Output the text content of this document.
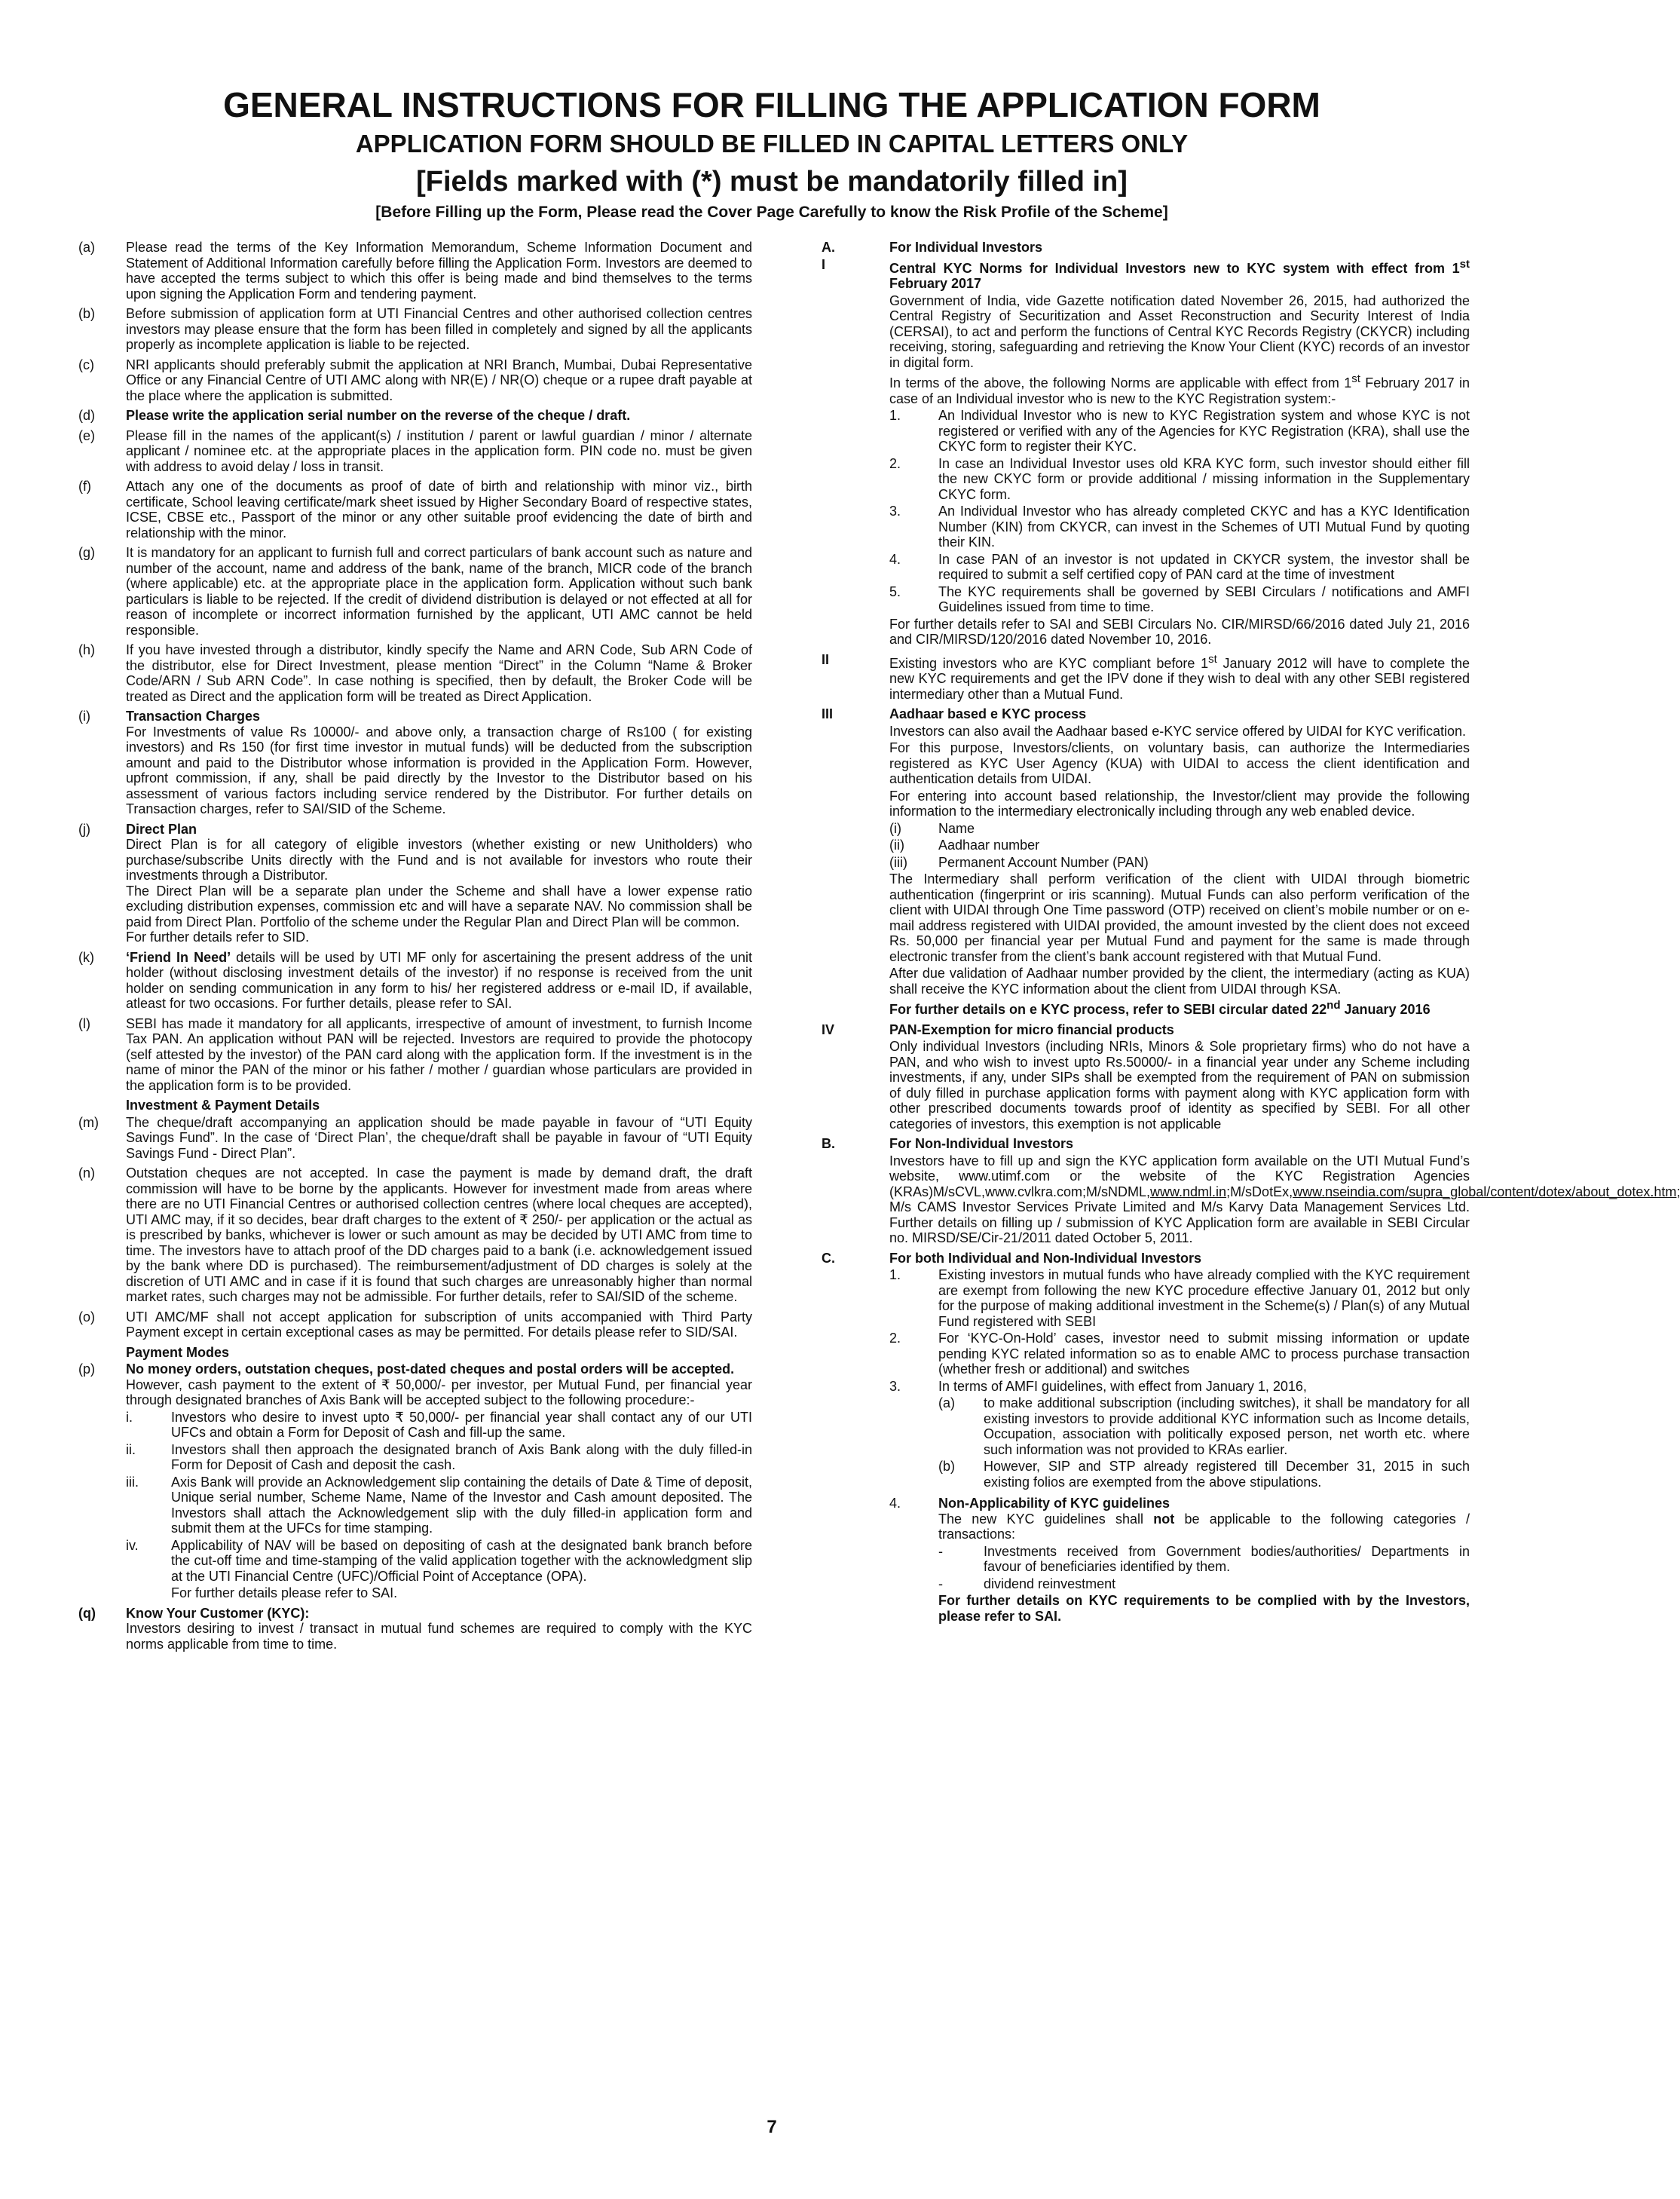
GENERAL INSTRUCTIONS FOR FILLING THE APPLICATION FORM
APPLICATION FORM SHOULD BE FILLED IN CAPITAL LETTERS ONLY
[Fields marked with (*) must be mandatorily filled in]
[Before Filling up the Form, Please read the Cover Page Carefully to know the Risk Profile of the Scheme]
(a) Please read the terms of the Key Information Memorandum, Scheme Information Document and Statement of Additional Information carefully before filling the Application Form. Investors are deemed to have accepted the terms subject to which this offer is being made and bind themselves to the terms upon signing the Application Form and tendering payment.
(b) Before submission of application form at UTI Financial Centres and other authorised collection centres investors may please ensure that the form has been filled in completely and signed by all the applicants properly as incomplete application is liable to be rejected.
(c) NRI applicants should preferably submit the application at NRI Branch, Mumbai, Dubai Representative Office or any Financial Centre of UTI AMC along with NR(E) / NR(O) cheque or a rupee draft payable at the place where the application is submitted.
(d) Please write the application serial number on the reverse of the cheque / draft.
(e) Please fill in the names of the applicant(s) / institution / parent or lawful guardian / minor / alternate applicant / nominee etc. at the appropriate places in the application form. PIN code no. must be given with address to avoid delay / loss in transit.
(f)	Attach any one of the documents as proof of date of birth and relationship with minor viz., birth certificate, School leaving certificate/mark sheet issued by Higher Secondary Board of respective states, ICSE, CBSE etc., Passport of the minor or any other suitable proof evidencing the date of birth and relationship with the minor.
(g) It is mandatory for an applicant to furnish full and correct particulars of bank account such as nature and number of the account, name and address of the bank, name of the branch, MICR code of the branch (where applicable) etc. at the appropriate place in the application form. Application without such bank particulars is liable to be rejected. If the credit of dividend distribution is delayed or not effected at all for reason of incomplete or incorrect information furnished by the applicant, UTI AMC cannot be held responsible.
(h) If you have invested through a distributor, kindly specify the Name and ARN Code, Sub ARN Code of the distributor, else for Direct Investment, please mention “Direct” in the Column “Name & Broker Code/ARN / Sub ARN Code”. In case nothing is specified, then by default, the Broker Code will be treated as Direct and the application form will be treated as Direct Application.
(i)	Transaction Charges
For Investments of value Rs 10000/- and above only, a transaction charge of Rs100 ( for existing investors) and Rs 150 (for first time investor in mutual funds) will be deducted from the subscription amount and paid to the Distributor whose information is provided in the Application Form. However, upfront commission, if any, shall be paid directly by the Investor to the Distributor based on his assessment of various factors including service rendered by the Distributor. For further details on Transaction charges, refer to SAI/SID of the Scheme.
(j)	Direct Plan
Direct Plan is for all category of eligible investors (whether existing or new Unitholders) who purchase/subscribe Units directly with the Fund and is not available for investors who route their investments through a Distributor.
The Direct Plan will be a separate plan under the Scheme and shall have a lower expense ratio excluding distribution expenses, commission etc and will have a separate NAV. No commission shall be paid from Direct Plan. Portfolio of the scheme under the Regular Plan and Direct Plan will be common.
For further details refer to SID.
(k) ‘Friend In Need’ details will be used by UTI MF only for ascertaining the present address of the unit holder (without disclosing investment details of the investor) if no response is received from the unit holder on sending communication in any form to his/ her registered address or e-mail ID, if available, atleast for two occasions. For further details, please refer to SAI.
(l)	SEBI has made it mandatory for all applicants, irrespective of amount of investment, to furnish Income Tax PAN. An application without PAN will be rejected. Investors are required to provide the photocopy (self attested by the investor) of the PAN card along with the application form. If the investment is in the name of minor the PAN of the minor or his father / mother / guardian whose particulars are provided in the application form is to be provided.
Investment & Payment Details
(m) The cheque/draft accompanying an application should be made payable in favour of “UTI Equity Savings Fund”. In the case of ‘Direct Plan’, the cheque/draft shall be payable in favour of “UTI Equity Savings Fund - Direct Plan”.
(n) Outstation cheques are not accepted. In case the payment is made by demand draft, the draft commission will have to be borne by the applicants. However for investment made from areas where there are no UTI Financial Centres or authorised collection centres (where local cheques are accepted), UTI AMC may, if it so decides, bear draft charges to the extent of ₹ 250/- per application or the actual as is prescribed by banks, whichever is lower or such amount as may be decided by UTI AMC from time to time. The investors have to attach proof of the DD charges paid to a bank (i.e. acknowledgement issued by the bank where DD is purchased). The reimbursement/adjustment of DD charges is solely at the discretion of UTI AMC and in case if it is found that such charges are unreasonably higher than normal market rates, such charges may not be admissible. For further details, refer to SAI/SID of the scheme.
(o) UTI AMC/MF shall not accept application for subscription of units accompanied with Third Party Payment except in certain exceptional cases as may be permitted. For details please refer to SID/SAI.
Payment Modes
(p) No money orders, outstation cheques, post-dated cheques and postal orders will be accepted.
However, cash payment to the extent of ₹ 50,000/- per investor, per Mutual Fund, per financial year through designated branches of Axis Bank will be accepted subject to the following procedure:-
i.	Investors who desire to invest upto ₹ 50,000/- per financial year shall contact any of our UTI UFCs and obtain a Form for Deposit of Cash and fill-up the same.
ii.	Investors shall then approach the designated branch of Axis Bank along with the duly filled-in Form for Deposit of Cash and deposit the cash.
iii. Axis Bank will provide an Acknowledgement slip containing the details of Date & Time of deposit, Unique serial number, Scheme Name, Name of the Investor and Cash amount deposited. The Investors shall attach the Acknowledgement slip with the duly filled-in application form and submit them at the UFCs for time stamping.
iv. Applicability of NAV will be based on depositing of cash at the designated bank branch before the cut-off time and time-stamping of the valid application together with the acknowledgment slip at the UTI Financial Centre (UFC)/Official Point of Acceptance (OPA).
For further details please refer to SAI.
(q) Know Your Customer (KYC):
Investors desiring to invest / transact in mutual fund schemes are required to comply with the KYC norms applicable from time to time.
A.	For Individual Investors
I	Central KYC Norms for Individual Investors new to KYC system with effect from 1st February 2017
Government of India, vide Gazette notification dated November 26, 2015, had authorized the Central Registry of Securitization and Asset Reconstruction and Security Interest of India (CERSAI), to act and perform the functions of Central KYC Records Registry (CKYCR) including receiving, storing, safeguarding and retrieving the Know Your Client (KYC) records of an investor in digital form.
In terms of the above, the following Norms are applicable with effect from 1st February 2017 in case of an Individual investor who is new to the KYC Registration system:-
1.	An Individual Investor who is new to KYC Registration system and whose KYC is not registered or verified with any of the Agencies for KYC Registration (KRA), shall use the CKYC form to register their KYC.
2.	In case an Individual Investor uses old KRA KYC form, such investor should either fill the new CKYC form or provide additional / missing information in the Supplementary CKYC form.
3.	An Individual Investor who has already completed CKYC and has a KYC Identification Number (KIN) from CKYCR, can invest in the Schemes of UTI Mutual Fund by quoting their KIN.
4.	In case PAN of an investor is not updated in CKYCR system, the investor shall be required to submit a self certified copy of PAN card at the time of investment
5.	The KYC requirements shall be governed by SEBI Circulars / notifications and AMFI Guidelines issued from time to time.
For further details refer to SAI and SEBI Circulars No. CIR/MIRSD/66/2016 dated July 21, 2016 and CIR/MIRSD/120/2016 dated November 10, 2016.
II	Existing investors who are KYC compliant before 1st January 2012 will have to complete the new KYC requirements and get the IPV done if they wish to deal with any other SEBI registered intermediary other than a Mutual Fund.
III	Aadhaar based e KYC process
Investors can also avail the Aadhaar based e-KYC service offered by UIDAI for KYC verification.
For this purpose, Investors/clients, on voluntary basis, can authorize the Intermediaries registered as KYC User Agency (KUA) with UIDAI to access the client identification and authentication details from UIDAI.
For entering into account based relationship, the Investor/client may provide the following information to the intermediary electronically including through any web enabled device.
(i)	Name
(ii)	Aadhaar number
(iii) Permanent Account Number (PAN)
The Intermediary shall perform verification of the client with UIDAI through biometric authentication (fingerprint or iris scanning). Mutual Funds can also perform verification of the client with UIDAI through One Time password (OTP) received on client’s mobile number or on e-mail address registered with UIDAI provided, the amount invested by the client does not exceed Rs. 50,000 per financial year per Mutual Fund and payment for the same is made through electronic transfer from the client’s bank account registered with that Mutual Fund.
After due validation of Aadhaar number provided by the client, the intermediary (acting as KUA) shall receive the KYC information about the client from UIDAI through KSA.
For further details on e KYC process, refer to SEBI circular dated 22nd January 2016
IV	PAN-Exemption for micro financial products
Only individual Investors (including NRIs, Minors & Sole proprietary firms) who do not have a PAN, and who wish to invest upto Rs.50000/- in a financial year under any Scheme including investments, if any, under SIPs shall be exempted from the requirement of PAN on submission of duly filled in purchase application forms with payment along with KYC application form with other prescribed documents towards proof of identity as specified by SEBI. For all other categories of investors, this exemption is not applicable
B.	For Non-Individual Investors
Investors have to fill up and sign the KYC application form available on the UTI Mutual Fund’s website, www.utimf.com or the website of the KYC Registration Agencies (KRAs)M/sCVL,www.cvlkra.com;M/sNDML,www.ndml.in;M/sDotEx,www.nseindia.com/supra_global/content/dotex/about_dotex.htm; M/s CAMS Investor Services Private Limited and M/s Karvy Data Management Services Ltd. Further details on filling up / submission of KYC Application form are available in SEBI Circular no. MIRSD/SE/Cir-21/2011 dated October 5, 2011.
C.	For both Individual and Non-Individual Investors
1.	Existing investors in mutual funds who have already complied with the KYC requirement are exempt from following the new KYC procedure effective January 01, 2012 but only for the purpose of making additional investment in the Scheme(s) / Plan(s) of any Mutual Fund registered with SEBI
2.	For ‘KYC-On-Hold’ cases, investor need to submit missing information or update pending KYC related information so as to enable AMC to process purchase transaction (whether fresh or additional) and switches
3.	In terms of AMFI guidelines, with effect from January 1, 2016,
(a) to make additional subscription (including switches), it shall be mandatory for all existing investors to provide additional KYC information such as Income details, Occupation, association with politically exposed person, net worth etc. where such information was not provided to KRAs earlier.
(b) However, SIP and STP already registered till December 31, 2015 in such existing folios are exempted from the above stipulations.
4.	Non-Applicability of KYC guidelines
The new KYC guidelines shall not be applicable to the following categories / transactions:
-	Investments received from Government bodies/authorities/ Departments in favour of beneficiaries identified by them.
-	dividend reinvestment
For further details on KYC requirements to be complied with by the Investors, please refer to SAI.
7
